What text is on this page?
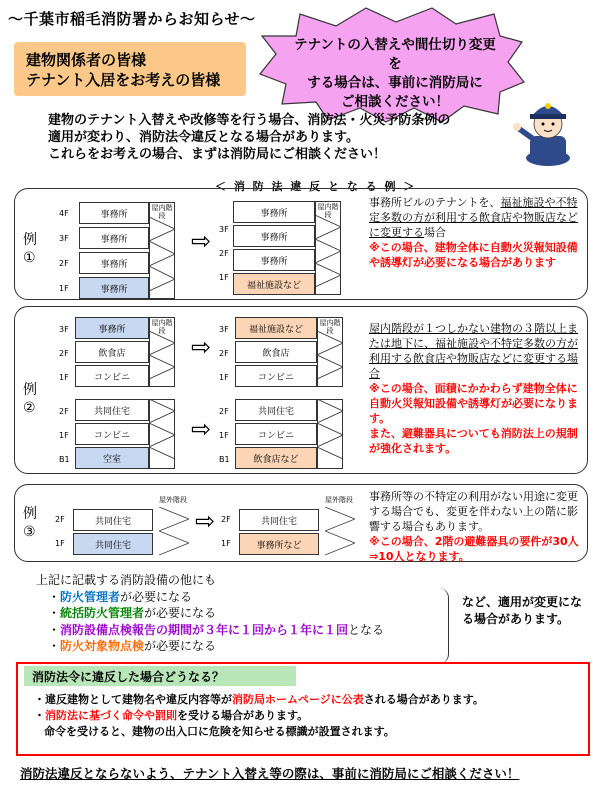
～千葉市稲毛消防署からお知らせ～
建物関係者の皆様
テナント入居をお考えの皆様
テナントの入替えや間仕切り変更を
する場合は、事前に消防局に
ご相談ください！
建物のテナント入替えや改修等を行う場合、消防法・火災予防条例の
適用が変わり、消防法令違反となる場合があります。
これらをお考えの場合、まずは消防局にご相談ください！
＜ 消 防 法 違 反 と な る 例 ＞
例
①
4F
3F
2F
1F
事務所
事務所
事務所
事務所
屋内階段
⇨ 3F
2F
1F
事務所
事務所
事務所
福祉施設など
屋内階段
事務所ビルのテナントを、福祉施設や不特定多数の方が利用する飲食店や物販店などに変更する場合
※この場合、建物全体に自動火災報知設備や誘導灯が必要になる場合があります
例
②
3F
2F
1F
事務所
飲食店
コンビニ
屋内階段
⇨
3F
2F
1F
福祉施設など
飲食店
コンビニ
屋内階段
2F
1F
B1
共同住宅
コンビニ
空室
⇨
2F
1F
B1
共同住宅
コンビニ
飲食店など
屋内階段が１つしかない建物の３階以上または地下に、福祉施設や不特定多数の方が利用する飲食店や物販店などに変更する場合
※この場合、面積にかかわらず建物全体に自動火災報知設備や誘導灯が必要になります。
また、避難器具についても消防法上の規制が強化されます。
例
③
2F
1F
共同住宅
共同住宅
屋外階段
⇨ 2F
1F
共同住宅
事務所など
屋外階段 事務所等の不特定の利用がない用途に変更する場合でも、変更を伴わない上の階に影響する場合もあります。
※この場合、2階の避難器具の要件が30人⇒10人となります。
上記に記載する消防設備の他にも
・防火管理者が必要になる
・統括防火管理者が必要になる
・消防設備点検報告の期間が３年に１回から１年に１回となる
・防火対象物点検が必要になる
など、適用が変更になる場合があります。
消防法令に違反した場合どうなる？
・違反建物として建物名や違反内容等が消防局ホームページに公表される場合があります。
・消防法に基づく命令や罰則を受ける場合があります。
命令を受けると、建物の出入口に危険を知らせる標識が設置されます。
消防法違反とならないよう、テナント入替え等の際は、事前に消防局にご相談ください！
